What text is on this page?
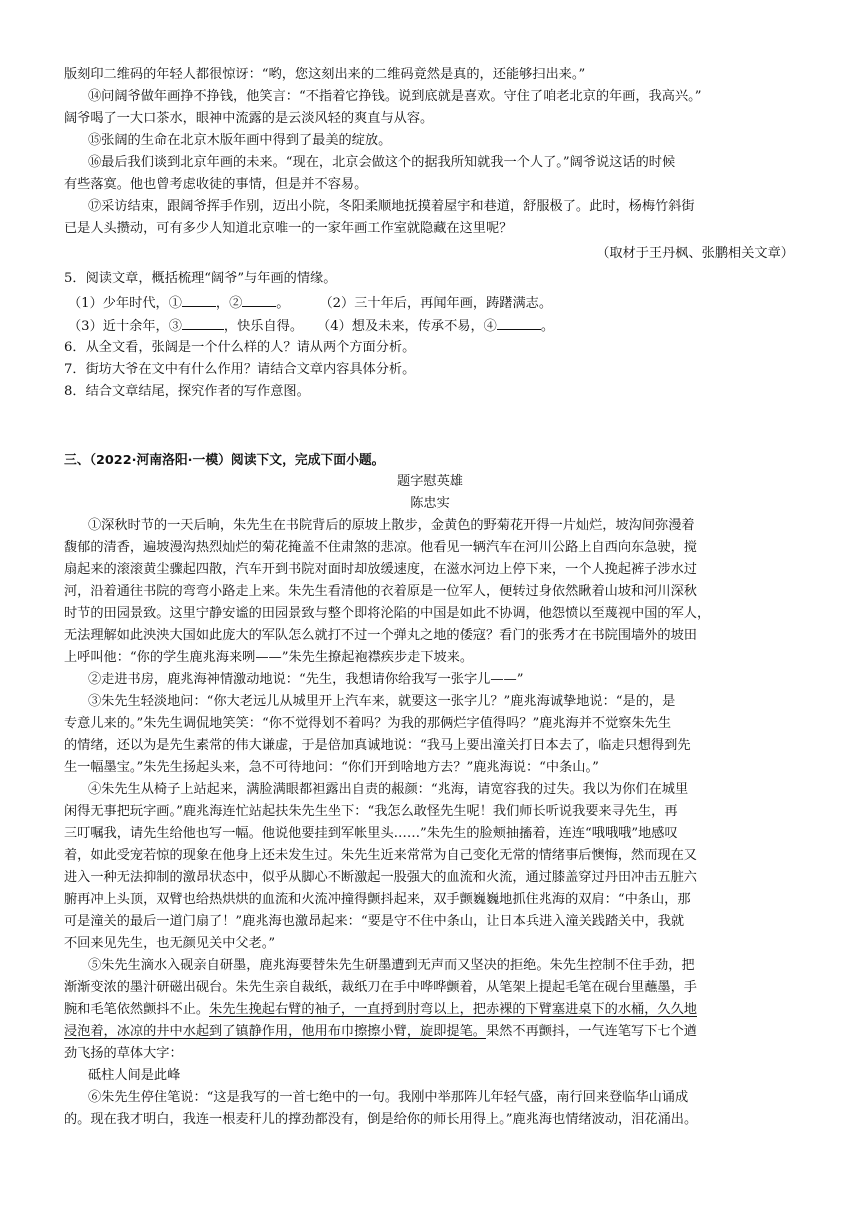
版刻印二维码的年轻人都很惊讶：“哟，您这刻出来的二维码竟然是真的，还能够扫出来。”
⑭问阔爷做年画挣不挣钱，他笑言：“不指着它挣钱。说到底就是喜欢。守住了咱老北京的年画，我高兴。”
阔爷喝了一大口茶水，眼神中流露的是云淡风轻的爽直与从容。
⑮张阔的生命在北京木版年画中得到了最美的绽放。
⑯最后我们谈到北京年画的未来。“现在，北京会做这个的据我所知就我一个人了。”阔爷说这话的时候
有些落寞。他也曾考虑收徒的事情，但是并不容易。
⑰采访结束，跟阔爷挥手作别，迈出小院，冬阳柔顺地抚摸着屋宇和巷道，舒服极了。此时，杨梅竹斜街
已是人头攒动，可有多少人知道北京唯一的一家年画工作室就隐藏在这里呢？
（取材于王丹枫、张鹏相关文章）
5．阅读文章，概括梳理“阔爷”与年画的情缘。
（1）少年时代，①	，②	。 （2）三十年后，再闻年画，踌躇满志。
（3）近十余年，③	，快乐自得。 （4）想及未来，传承不易，④	。
6．从全文看，张阔是一个什么样的人？请从两个方面分析。
7．街坊大爷在文中有什么作用？请结合文章内容具体分析。
8．结合文章结尾，探究作者的写作意图。
三、（2022·河南洛阳·一模）阅读下文，完成下面小题。
题字慰英雄
陈忠实
①深秋时节的一天后晌，朱先生在书院背后的原坡上散步，金黄色的野菊花开得一片灿烂，坡沟间弥漫着
馥郁的清香，遍坡漫沟热烈灿烂的菊花掩盖不住肃煞的悲凉。他看见一辆汽车在河川公路上自西向东急驶，搅
扇起来的滚滚黄尘骤起四散，汽车开到书院对面时却放缓速度，在滋水河边上停下来，一个人挽起裤子涉水过
河，沿着通往书院的弯弯小路走上来。朱先生看清他的衣着原是一位军人，便转过身依然瞅着山坡和河川深秋
时节的田园景致。这里宁静安谧的田园景致与整个即将沦陷的中国是如此不协调，他怨愤以至蔑视中国的军人，
无法理解如此泱泱大国如此庞大的军队怎么就打不过一个弹丸之地的倭寇？看门的张秀才在书院围墙外的坡田
上呼叫他：“你的学生鹿兆海来咧——”朱先生撩起袍襟疾步走下坡来。
②走进书房，鹿兆海神情激动地说：“先生，我想请你给我写一张字儿——”
③朱先生轻淡地问：“你大老远儿从城里开上汽车来，就要这一张字儿？”鹿兆海诚挚地说：“是的，是
专意儿来的。”朱先生调侃地笑笑：“你不觉得划不着吗？为我的那俩烂字值得吗？”鹿兆海并不觉察朱先生
的情绪，还以为是先生素常的伟大谦虚，于是倍加真诚地说：“我马上要出潼关打日本去了，临走只想得到先
生一幅墨宝。”朱先生扬起头来，急不可待地问：“你们开到啥地方去？”鹿兆海说：“中条山。”
④朱先生从椅子上站起来，满脸满眼都袒露出自责的赧颜：“兆海，请宽容我的过失。我以为你们在城里
闲得无事把玩字画。”鹿兆海连忙站起扶朱先生坐下：“我怎么敢怪先生呢！我们师长听说我要来寻先生，再
三叮嘱我，请先生给他也写一幅。他说他要挂到军帐里头……”朱先生的脸颊抽搐着，连连“哦哦哦”地感叹
着，如此受宠若惊的现象在他身上还未发生过。朱先生近来常常为自己变化无常的情绪事后懊悔，然而现在又
进入一种无法抑制的激昂状态中，似乎从脚心不断激起一股强大的血流和火流，通过膝盖穿过丹田冲击五脏六
腑再冲上头顶，双臂也给热烘烘的血流和火流冲撞得颤抖起来，双手颤巍巍地抓住兆海的双肩：“中条山，那
可是潼关的最后一道门扇了！”鹿兆海也激昂起来：“要是守不住中条山，让日本兵进入潼关践踏关中，我就
不回来见先生，也无颜见关中父老。”
⑤朱先生滴水入砚亲自研墨，鹿兆海要替朱先生研墨遭到无声而又坚决的拒绝。朱先生控制不住手劲，把
渐渐变浓的墨汁研磁出砚台。朱先生亲自裁纸，裁纸刀在手中哗哗颤着，从笔架上提起毛笔在砚台里蘸墨，手
腕和毛笔依然颤抖不止。朱先生挽起右臂的袖子，一直捋到肘弯以上，把赤裸的下臂塞进桌下的水桶，久久地
浸泡着，冰凉的井中水起到了镇静作用，他用布巾擦擦小臂，旋即提笔。果然不再颤抖，一气连笔写下七个遒
劲飞扬的草体大字：
砥柱人间是此峰
⑥朱先生停住笔说：“这是我写的一首七绝中的一句。我刚中举那阵儿年轻气盛，南行回来登临华山诵成
的。现在我才明白，我连一根麦秆儿的撑劲都没有，倒是给你的师长用得上。”鹿兆海也情绪波动，泪花涌出。
